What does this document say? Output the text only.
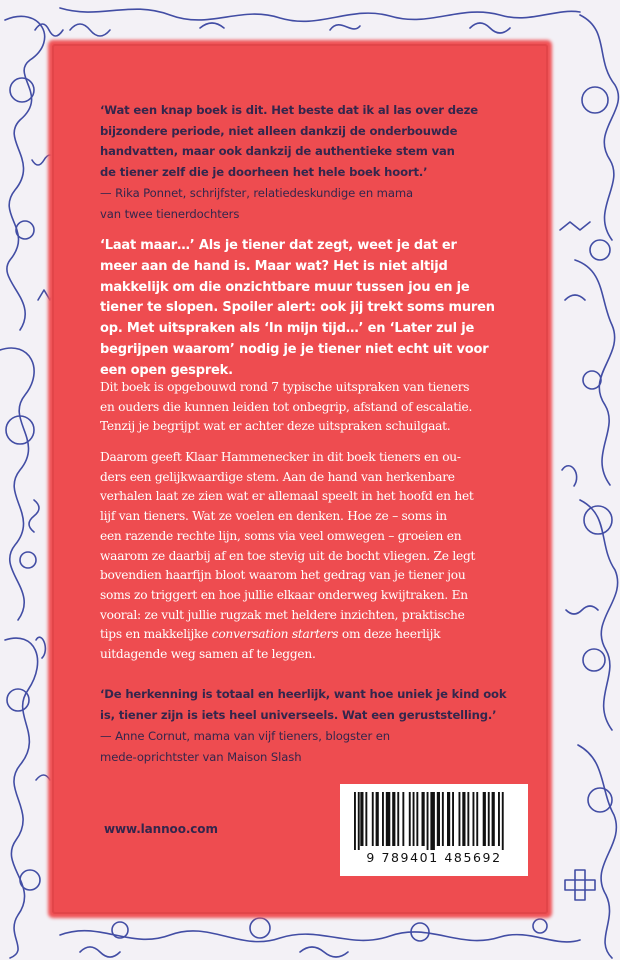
‘Wat een knap boek is dit. Het beste dat ik al las over deze
bijzondere periode, niet alleen dankzij de onderbouwde
handvatten, maar ook dankzij de authentieke stem van
de tiener zelf die je doorheen het hele boek hoort.’
— Rika Ponnet, schrijfster, relatiedeskundige en mama
van twee tienerdochters
‘Laat maar…’ Als je tiener dat zegt, weet je dat er
meer aan de hand is. Maar wat? Het is niet altijd
makkelijk om die onzichtbare muur tussen jou en je
tiener te slopen. Spoiler alert: ook jij trekt soms muren
op. Met uitspraken als ‘In mijn tijd…’ en ‘Later zul je
begrijpen waarom’ nodig je je tiener niet echt uit voor
een open gesprek.
Dit boek is opgebouwd rond 7 typische uitspraken van tieners
en ouders die kunnen leiden tot onbegrip, afstand of escalatie.
Tenzij je begrijpt wat er achter deze uitspraken schuilgaat.
Daarom geeft Klaar Hammenecker in dit boek tieners en ou-
ders een gelijkwaardige stem. Aan de hand van herkenbare
verhalen laat ze zien wat er allemaal speelt in het hoofd en het
lijf van tieners. Wat ze voelen en denken. Hoe ze – soms in
een razende rechte lijn, soms via veel omwegen – groeien en
waarom ze daarbij af en toe stevig uit de bocht vliegen. Ze legt
bovendien haarfijn bloot waarom het gedrag van je tiener jou
soms zo triggert en hoe jullie elkaar onderweg kwijtraken. En
vooral: ze vult jullie rugzak met heldere inzichten, praktische
tips en makkelijke conversation starters om deze heerlijk
uitdagende weg samen af te leggen.
‘De herkenning is totaal en heerlijk, want hoe uniek je kind ook
is, tiener zijn is iets heel universeels. Wat een geruststelling.’
— Anne Cornut, mama van vijf tieners, blogster en
mede-oprichtster van Maison Slash
www.lannoo.com
9 789401 485692
